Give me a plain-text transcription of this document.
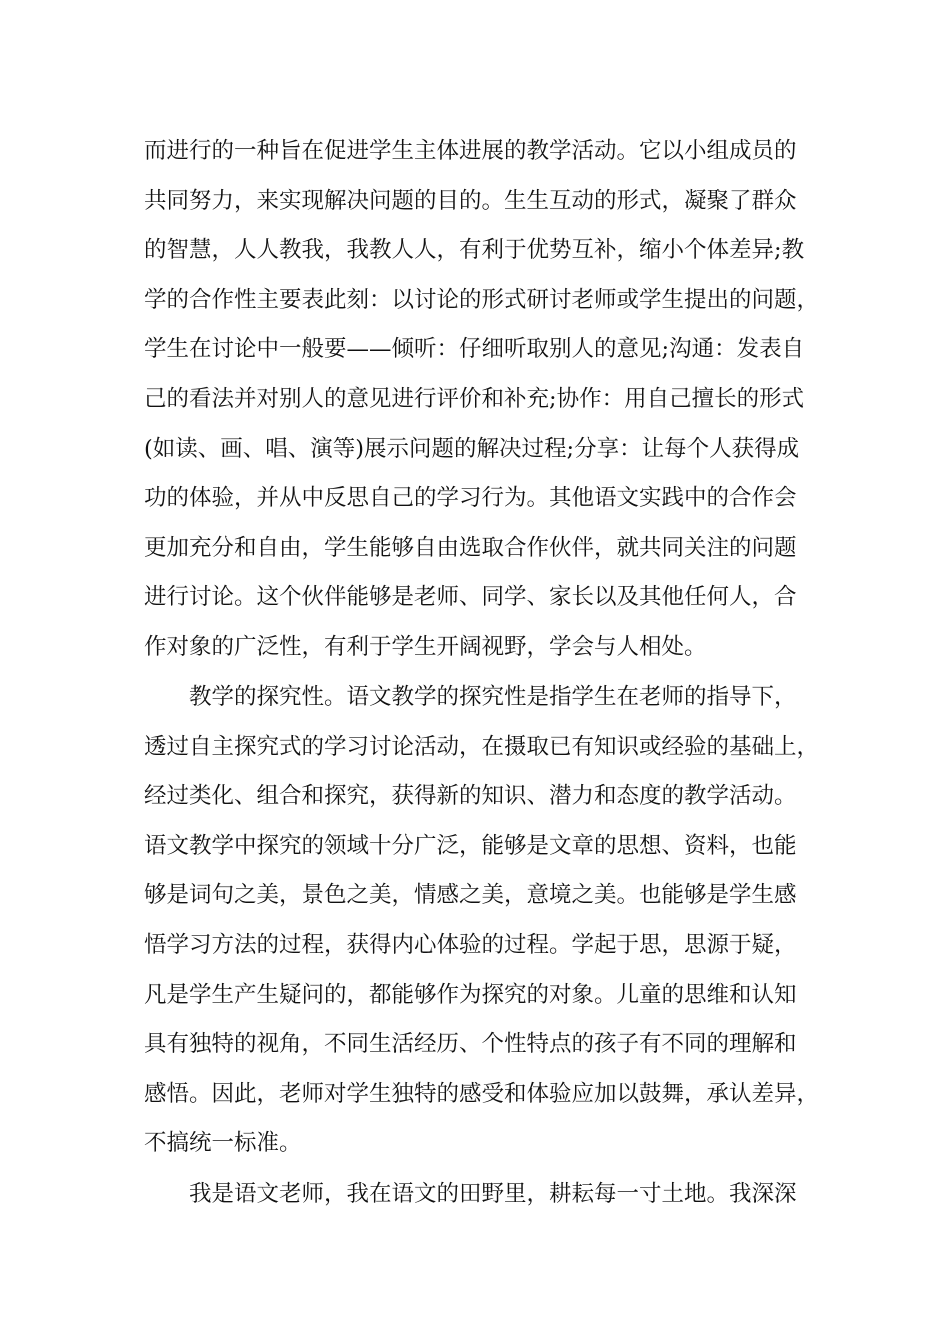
而进行的一种旨在促进学生主体进展的教学活动。它以小组成员的
共同努力，来实现解决问题的目的。生生互动的形式，凝聚了群众
的智慧，人人教我，我教人人，有利于优势互补，缩小个体差异;教
学的合作性主要表此刻：以讨论的形式研讨老师或学生提出的问题，
学生在讨论中一般要——倾听：仔细听取别人的意见;沟通：发表自
己的看法并对别人的意见进行评价和补充;协作：用自己擅长的形式
(如读、画、唱、演等)展示问题的解决过程;分享：让每个人获得成
功的体验，并从中反思自己的学习行为。其他语文实践中的合作会
更加充分和自由，学生能够自由选取合作伙伴，就共同关注的问题
进行讨论。这个伙伴能够是老师、同学、家长以及其他任何人，合
作对象的广泛性，有利于学生开阔视野，学会与人相处。
教学的探究性。语文教学的探究性是指学生在老师的指导下，
透过自主探究式的学习讨论活动，在摄取已有知识或经验的基础上，
经过类化、组合和探究，获得新的知识、潜力和态度的教学活动。
语文教学中探究的领域十分广泛，能够是文章的思想、资料，也能
够是词句之美，景色之美，情感之美，意境之美。也能够是学生感
悟学习方法的过程，获得内心体验的过程。学起于思，思源于疑，
凡是学生产生疑问的，都能够作为探究的对象。儿童的思维和认知
具有独特的视角，不同生活经历、个性特点的孩子有不同的理解和
感悟。因此，老师对学生独特的感受和体验应加以鼓舞，承认差异，
不搞统一标准。
我是语文老师，我在语文的田野里，耕耘每一寸土地。我深深
